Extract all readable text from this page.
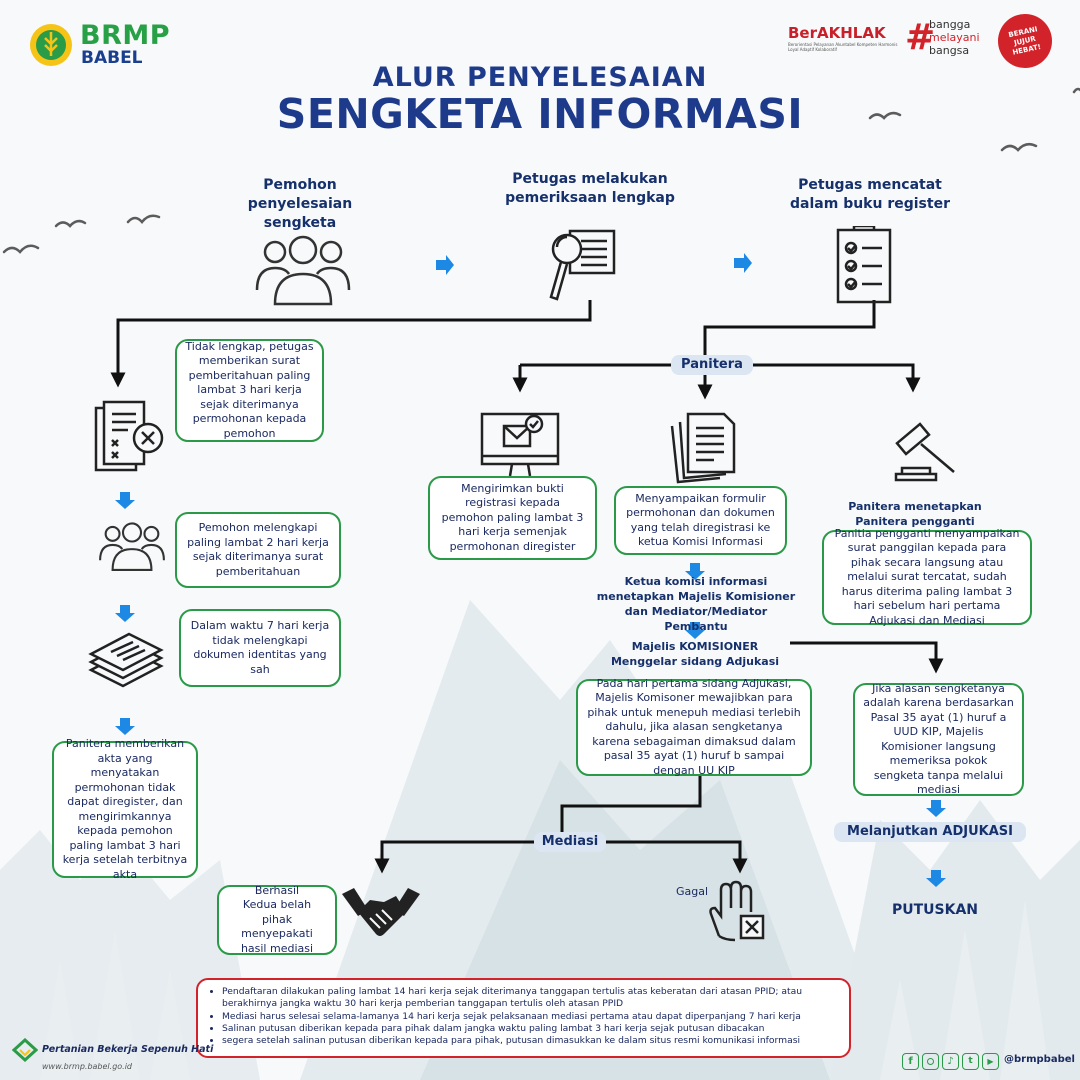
BRMP
BABEL
BerAKHLAK
Berorientasi Pelayanan Akuntabel Kompeten Harmonis Loyal Adaptif Kolaboratif	#
bangga
melayani
bangsa
BERANI JUJUR HEBAT!
ALUR PENYELESAIAN
SENGKETA INFORMASI
Pemohon penyelesaian sengketa
Petugas melakukan pemeriksaan lengkap
Petugas mencatat dalam buku register
Tidak lengkap, petugas memberikan surat pemberitahuan paling lambat 3 hari kerja sejak diterimanya permohonan kepada pemohon
Pemohon melengkapi paling lambat 2 hari kerja sejak diterimanya surat pemberitahuan
Dalam waktu 7 hari kerja tidak melengkapi dokumen identitas yang sah
Panitera memberikan akta yang menyatakan permohonan tidak dapat diregister, dan mengirimkannya kepada pemohon paling lambat 3 hari kerja setelah terbitnya akta
Panitera
Mengirimkan bukti registrasi kepada pemohon paling lambat 3 hari kerja semenjak permohonan diregister
Menyampaikan formulir permohonan dan dokumen yang telah diregistrasi ke ketua Komisi Informasi
Panitera menetapkan Panitera pengganti
Panitia pengganti menyampaikan surat panggilan kepada para pihak secara langsung atau melalui surat tercatat, sudah harus diterima paling lambat 3 hari sebelum hari pertama Adjukasi dan Mediasi
Ketua komisi informasi menetapkan Majelis Komisioner dan Mediator/Mediator Pembantu
Majelis KOMISIONER
Menggelar sidang Adjukasi
Pada hari pertama sidang Adjukasi, Majelis Komisoner mewajibkan para pihak untuk menepuh mediasi terlebih dahulu, jika alasan sengketanya karena sebagaiman dimaksud dalam pasal 35 ayat (1) huruf b sampai dengan UU KIP
Jika alasan sengketanya adalah karena berdasarkan Pasal 35 ayat (1) huruf a UUD KIP, Majelis Komisioner langsung memeriksa pokok sengketa tanpa melalui mediasi
Melanjutkan ADJUKASI
PUTUSKAN
Mediasi
Berhasil
Kedua belah pihak menyepakati hasil mediasi
Gagal
• Pendaftaran dilakukan paling lambat 14 hari kerja sejak diterimanya tanggapan tertulis atas keberatan dari atasan PPID; atau berakhirnya jangka waktu 30 hari kerja pemberian tanggapan tertulis oleh atasan PPID
• Mediasi harus selesai selama-lamanya 14 hari kerja sejak pelaksanaan mediasi pertama atau dapat diperpanjang 7 hari kerja
• Salinan putusan diberikan kepada para pihak dalam jangka waktu paling lambat 3 hari kerja sejak putusan dibacakan
• segera setelah salinan putusan diberikan kepada para pihak, putusan dimasukkan ke dalam situs resmi komunikasi informasi
Pertanian Bekerja Sepenuh Hati
www.brmp.babel.go.id	f	♪	t	▶	@brmpbabel
